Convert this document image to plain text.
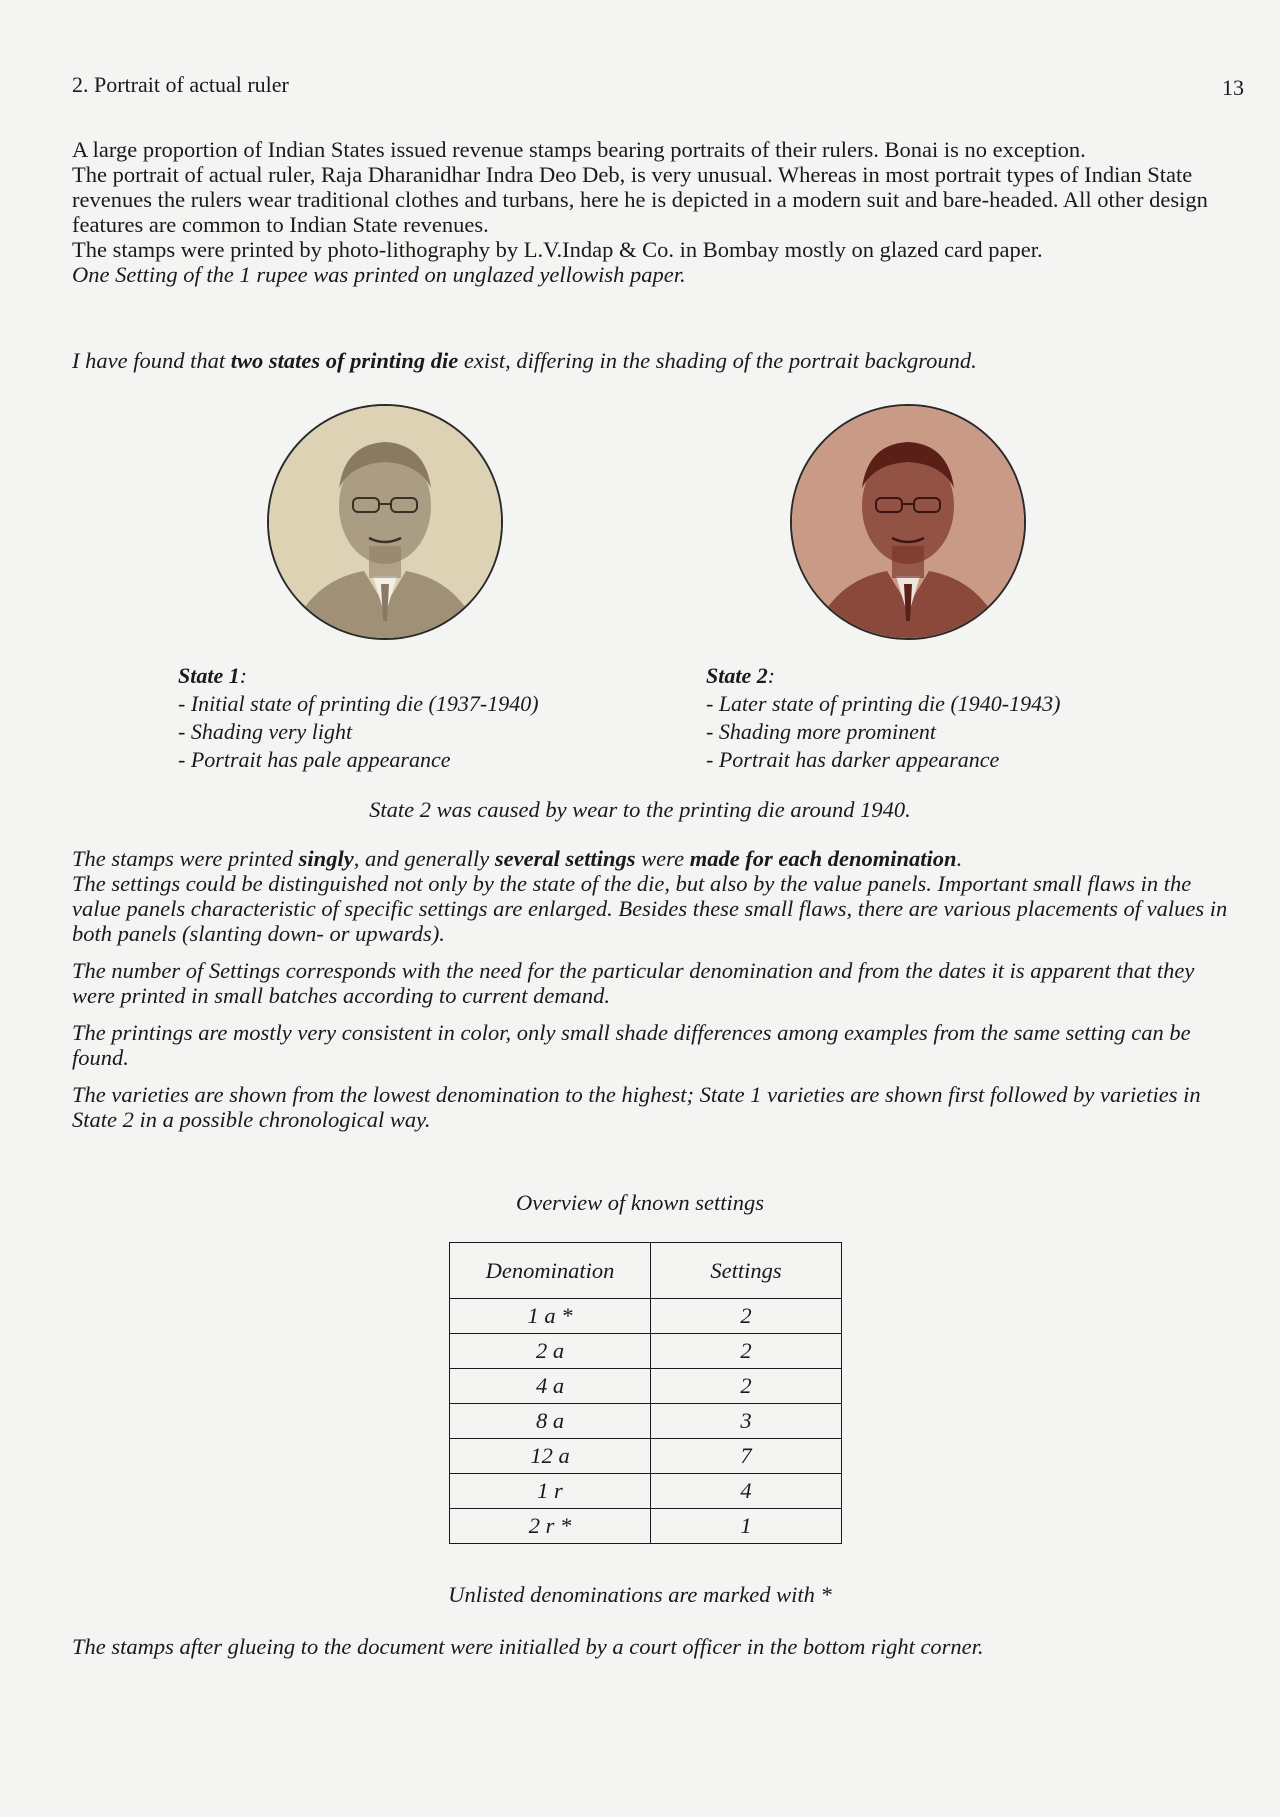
2. Portrait of actual ruler	13

A large proportion of Indian States issued revenue stamps bearing portraits of their rulers. Bonai is no exception.

The portrait of actual ruler, Raja Dharanidhar Indra Deo Deb, is very unusual. Whereas in most portrait types of Indian State revenues the rulers wear traditional clothes and turbans, here he is depicted in a modern suit and bare-headed. All other design features are common to Indian State revenues.

The stamps were printed by photo-lithography by L.V.Indap & Co. in Bombay mostly on glazed card paper.

One Setting of the 1 rupee was printed on unglazed yellowish paper.

I have found that two states of printing die exist, differing in the shading of the portrait background.
State 1:
- Initial state of printing die (1937-1940)
- Shading very light
- Portrait has pale appearance
State 2:
- Later state of printing die (1940-1943)
- Shading more prominent
- Portrait has darker appearance
State 2 was caused by wear to the printing die around 1940.

The stamps were printed singly, and generally several settings were made for each denomination.
The settings could be distinguished not only by the state of the die, but also by the value panels. Important small flaws in the value panels characteristic of specific settings are enlarged. Besides these small flaws, there are various placements of values in both panels (slanting down- or upwards).

The number of Settings corresponds with the need for the particular denomination and from the dates it is apparent that they were printed in small batches according to current demand.

The printings are mostly very consistent in color, only small shade differences among examples from the same setting can be found.

The varieties are shown from the lowest denomination to the highest; State 1 varieties are shown first followed by varieties in State 2 in a possible chronological way.

Overview of known settings
Denomination	Settings
1 a *	2
2 a	2
4 a	2
8 a	3
12 a	7
1 r	4
2 r *	1
Unlisted denominations are marked with *
The stamps after glueing to the document were initialled by a court officer in the bottom right corner.
